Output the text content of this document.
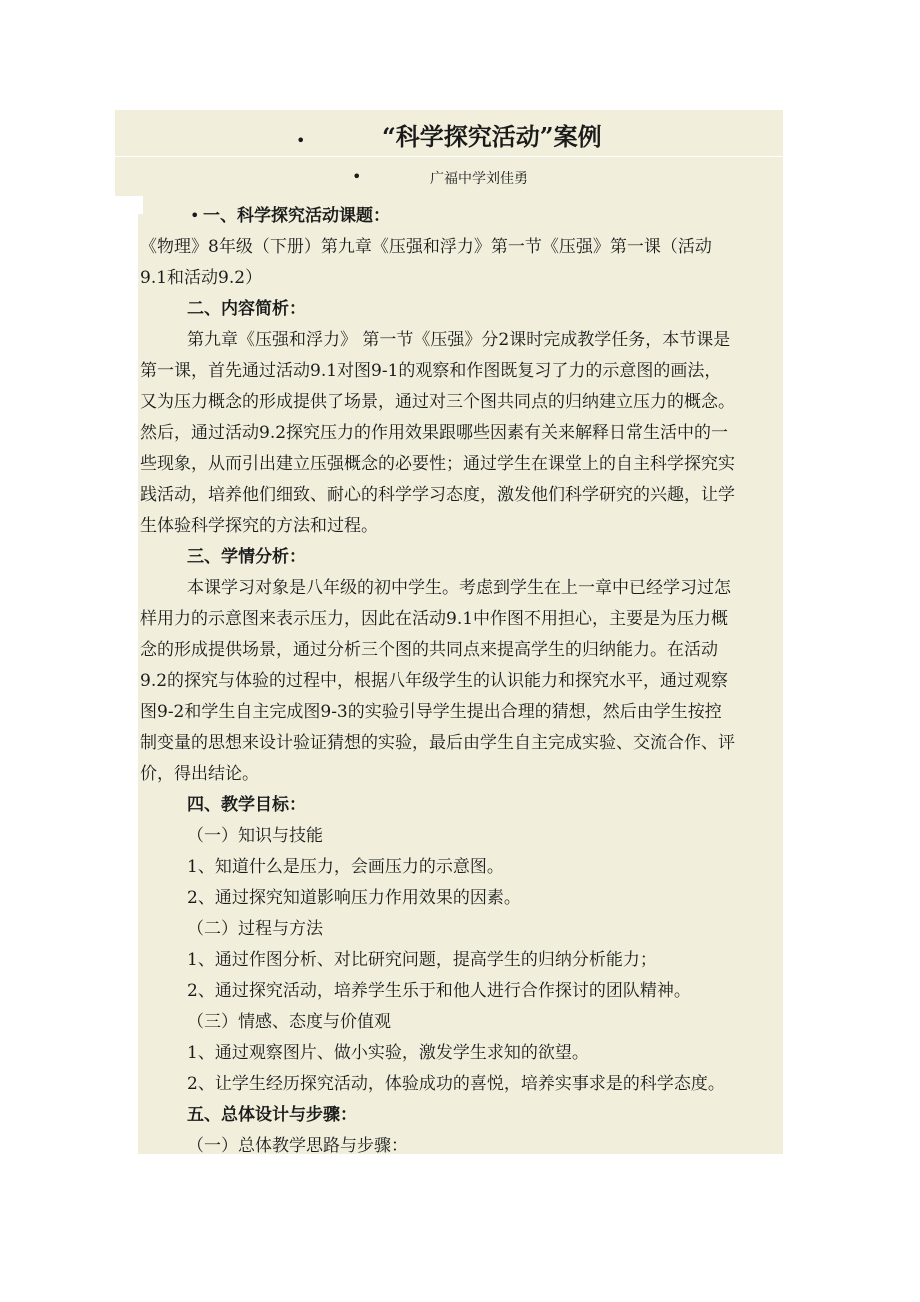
•	“科学探究活动”案例
•	广福中学刘佳勇
• 一、科学探究活动课题：
《物理》8年级（下册）第九章《压强和浮力》第一节《压强》第一课（活动
9.1和活动9.2）
二、内容简析：
第九章《压强和浮力》 第一节《压强》分2课时完成教学任务，本节课是
第一课，首先通过活动9.1对图9-1的观察和作图既复习了力的示意图的画法，
又为压力概念的形成提供了场景，通过对三个图共同点的归纳建立压力的概念。
然后，通过活动9.2探究压力的作用效果跟哪些因素有关来解释日常生活中的一
些现象，从而引出建立压强概念的必要性；通过学生在课堂上的自主科学探究实
践活动，培养他们细致、耐心的科学学习态度，激发他们科学研究的兴趣，让学
生体验科学探究的方法和过程。
三、学情分析：
本课学习对象是八年级的初中学生。考虑到学生在上一章中已经学习过怎
样用力的示意图来表示压力，因此在活动9.1中作图不用担心，主要是为压力概
念的形成提供场景，通过分析三个图的共同点来提高学生的归纳能力。在活动
9.2的探究与体验的过程中，根据八年级学生的认识能力和探究水平，通过观察
图9-2和学生自主完成图9-3的实验引导学生提出合理的猜想，然后由学生按控
制变量的思想来设计验证猜想的实验，最后由学生自主完成实验、交流合作、评
价，得出结论。
四、教学目标：
（一）知识与技能
1、知道什么是压力，会画压力的示意图。
2、通过探究知道影响压力作用效果的因素。
（二）过程与方法
1、通过作图分析、对比研究问题，提高学生的归纳分析能力；
2、通过探究活动，培养学生乐于和他人进行合作探讨的团队精神。
（三）情感、态度与价值观
1、通过观察图片、做小实验，激发学生求知的欲望。
2、让学生经历探究活动，体验成功的喜悦，培养实事求是的科学态度。
五、总体设计与步骤：
（一）总体教学思路与步骤：
